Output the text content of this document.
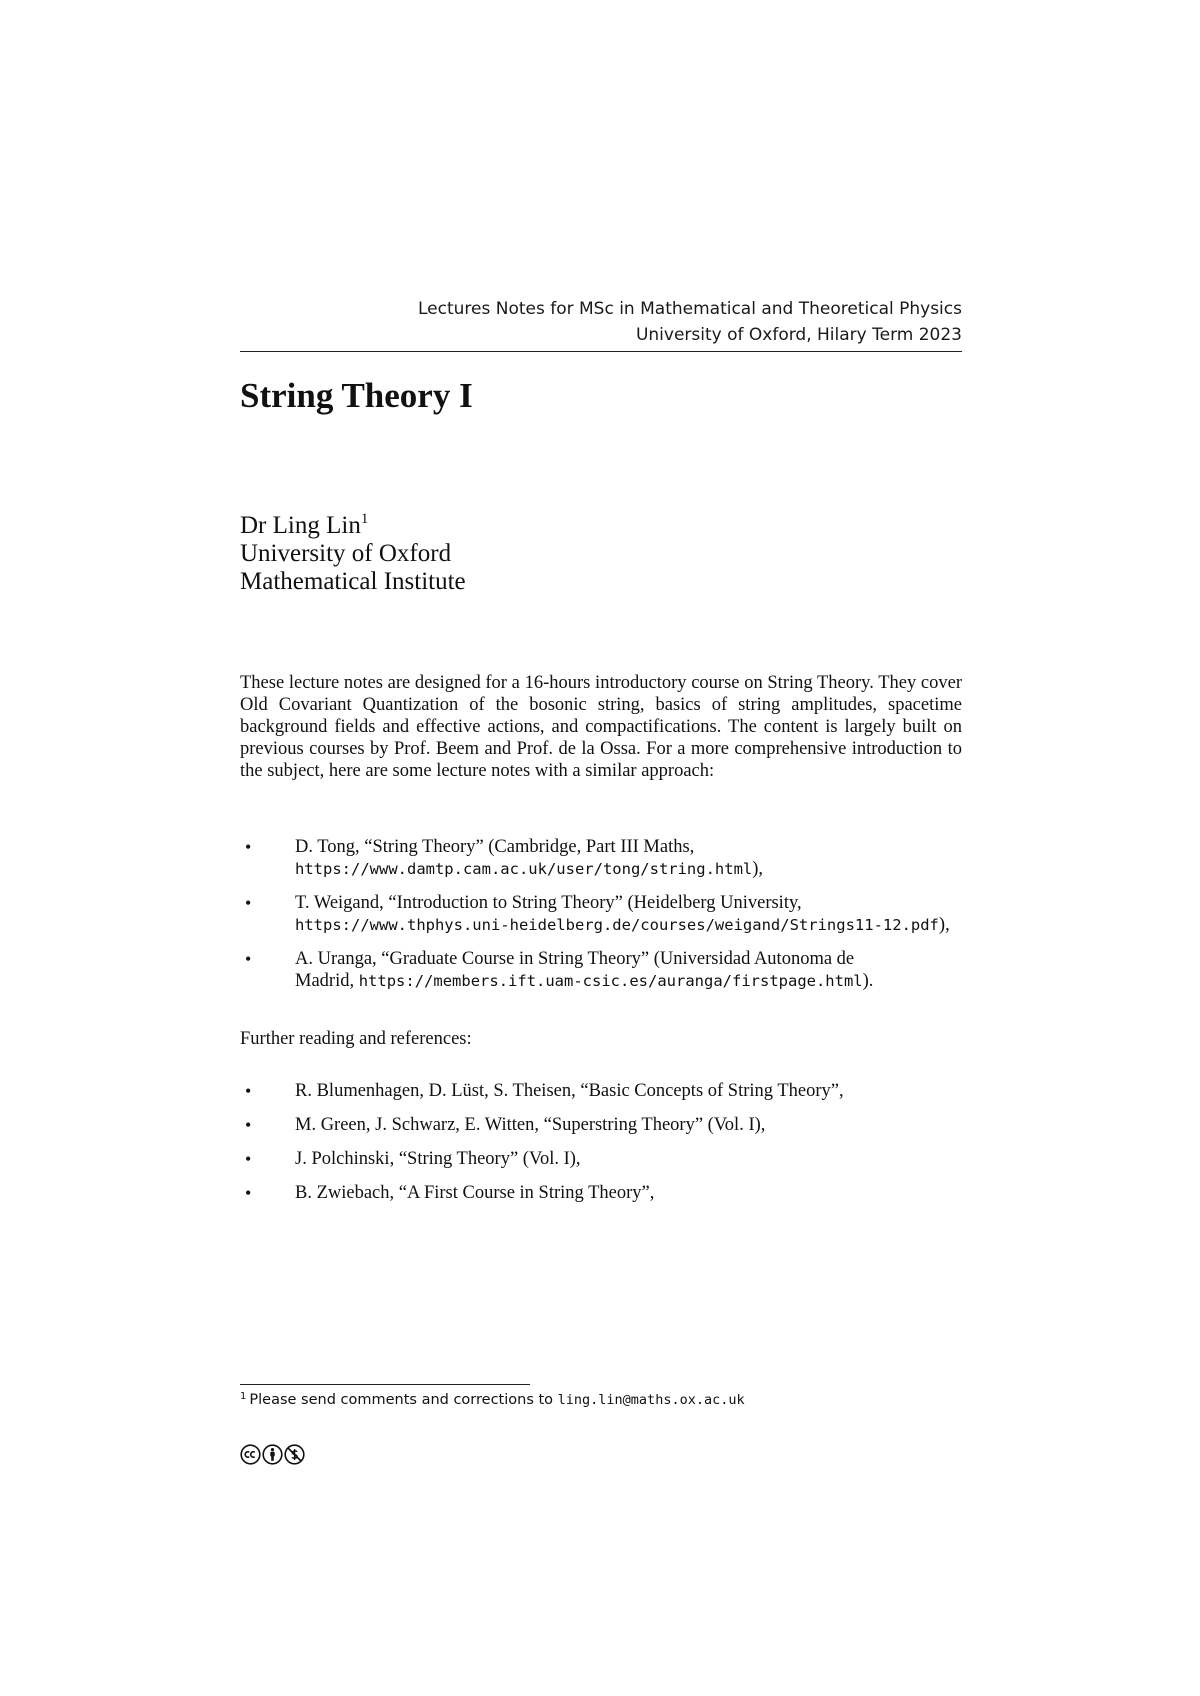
Lectures Notes for MSc in Mathematical and Theoretical Physics
University of Oxford, Hilary Term 2023
String Theory I
Dr Ling Lin$^1$
University of Oxford
Mathematical Institute

These lecture notes are designed for a 16-hours introductory course on String Theory. They cover Old Covariant Quantization of the bosonic string, basics of string amplitudes, spacetime background fields and effective actions, and compactifications. The content is largely built on previous courses by Prof. Beem and Prof. de la Ossa. For a more comprehensive introduction to the subject, here are some lecture notes with a similar approach:

• D. Tong, “String Theory” (Cambridge, Part III Maths,
https://www.damtp.cam.ac.uk/user/tong/string.html),
• T. Weigand, “Introduction to String Theory” (Heidelberg University,
https://www.thphys.uni-heidelberg.de/courses/weigand/Strings11-12.pdf),
• A. Uranga, “Graduate Course in String Theory” (Universidad Autonoma de
Madrid, https://members.ift.uam-csic.es/auranga/firstpage.html).

Further reading and references:

• R. Blumenhagen, D. Lüst, S. Theisen, “Basic Concepts of String Theory”,
• M. Green, J. Schwarz, E. Witten, “Superstring Theory” (Vol. I),
• J. Polchinski, “String Theory” (Vol. I),
• B. Zwiebach, “A First Course in String Theory”,
$^1$ Please send comments and corrections to ling.lin@maths.ox.ac.uk
